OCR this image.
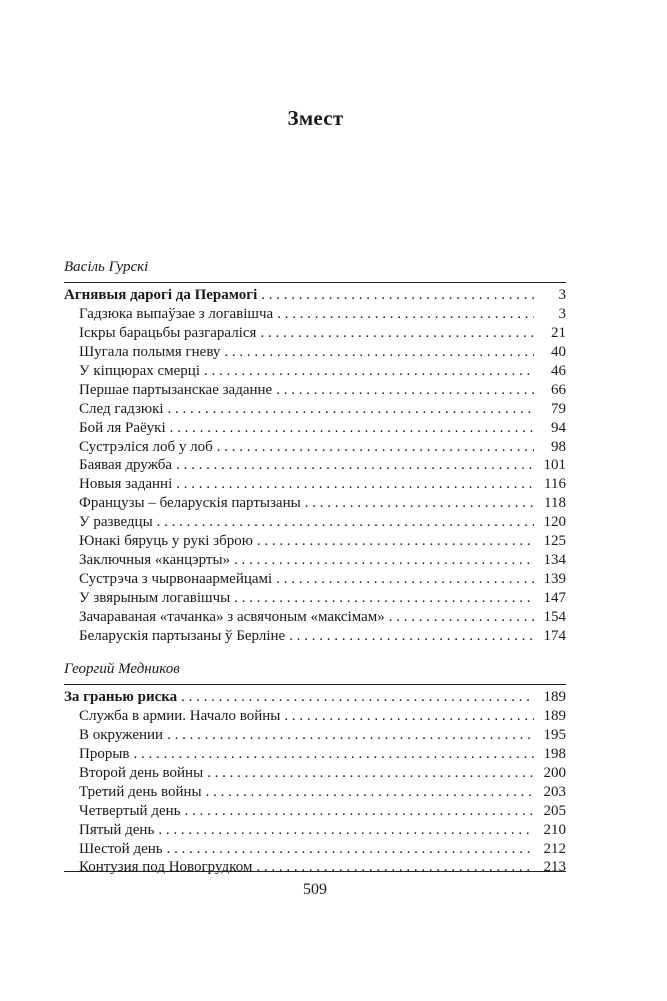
Змест
Васіль Гурскі
Агнявыя дарогі да Перамогі . . .	3
Гадзюка выпаўзае з логавішча . . .	3
Іскры барацьбы разгараліся . . .	21
Шугала полымя гневу . . .	40
У кіпцюрах смерці . . .	46
Першае партызанскае заданне . . .	66
След гадзюкі . . .	79
Бой ля Раёукі . . .	94
Сустрэліся лоб у лоб . . .	98
Баявая дружба . . .	101
Новыя заданні . . .	116
Французы – беларускія партызаны . . .	118
У разведцы . . .	120
Юнакі бяруць у рукі зброю . . .	125
Заключныя «канцэрты» . . .	134
Сустрэча з чырвонаармейцамі . . .	139
У звярыным логавішчы . . .	147
Зачараваная «тачанка» з асвячоным «максімам» . . .	154
Беларускія партызаны ў Берліне . . .	174
Георгий Медников
За гранью риска . . .	189
Служба в армии. Начало войны . . .	189
В окружении . . .	195
Прорыв . . .	198
Второй день войны . . .	200
Третий день войны . . .	203
Четвертый день . . .	205
Пятый день . . .	210
Шестой день . . .	212
Контузия под Новогрудком . . .	213
509
